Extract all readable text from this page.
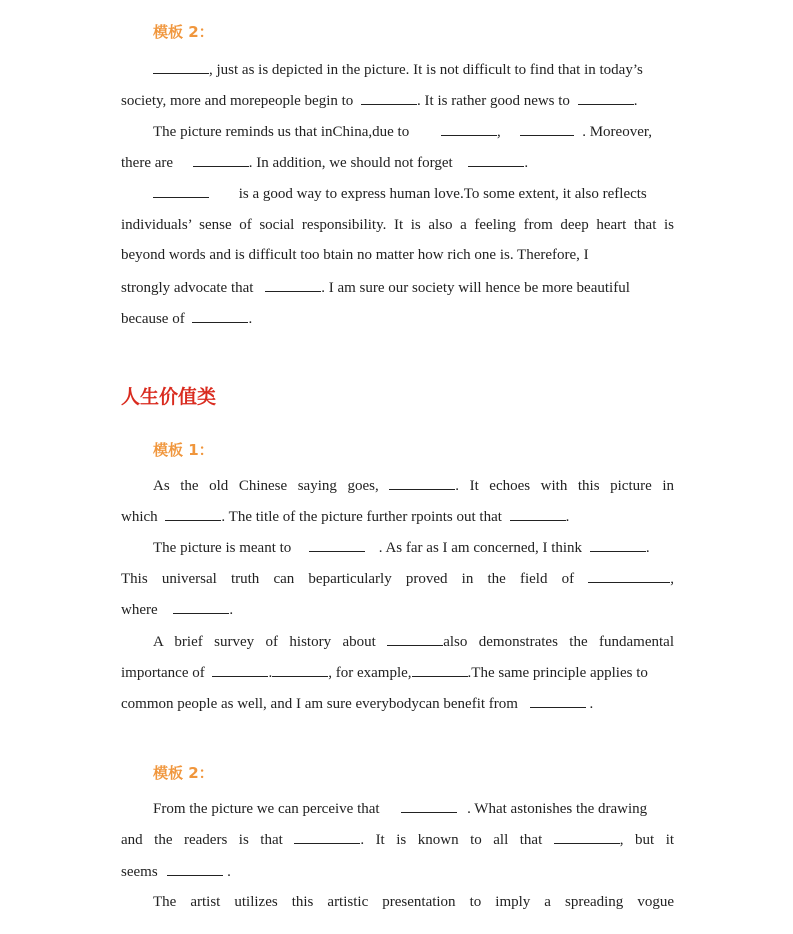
模板 2：
, just as is depicted in the picture. It is not difficult to find that in today’s
society, more and morepeople begin to	. It is rather good news to	.
The picture reminds us that inChina,due to	,	. Moreover,
there are	. In addition, we should not forget	.
is a good way to express human love.To some extent, it also reflects
individuals’ sense of social responsibility. It is also a feeling from deep heart that is
beyond words and is difficult too btain no matter how rich one is. Therefore, I
strongly advocate that	. I am sure our society will hence be more beautiful
because of	.
人生价值类
模板 1：
As the old Chinese saying goes,	. It echoes with this picture in
which	. The title of the picture further rpoints out that	.
The picture is meant to	. As far as I am concerned, I think	.
This universal truth can beparticularly proved in the field of	,
where	.
A brief survey of history about	also demonstrates the fundamental
importance of	.	, for example,	.The same principle applies to
common people as well, and I am sure everybodycan benefit from	.
模板 2：
From the picture we can perceive that	. What astonishes the drawing
and the readers is that	. It is known to all that	, but it
seems	.
The artist utilizes this artistic presentation to imply a spreading vogue
